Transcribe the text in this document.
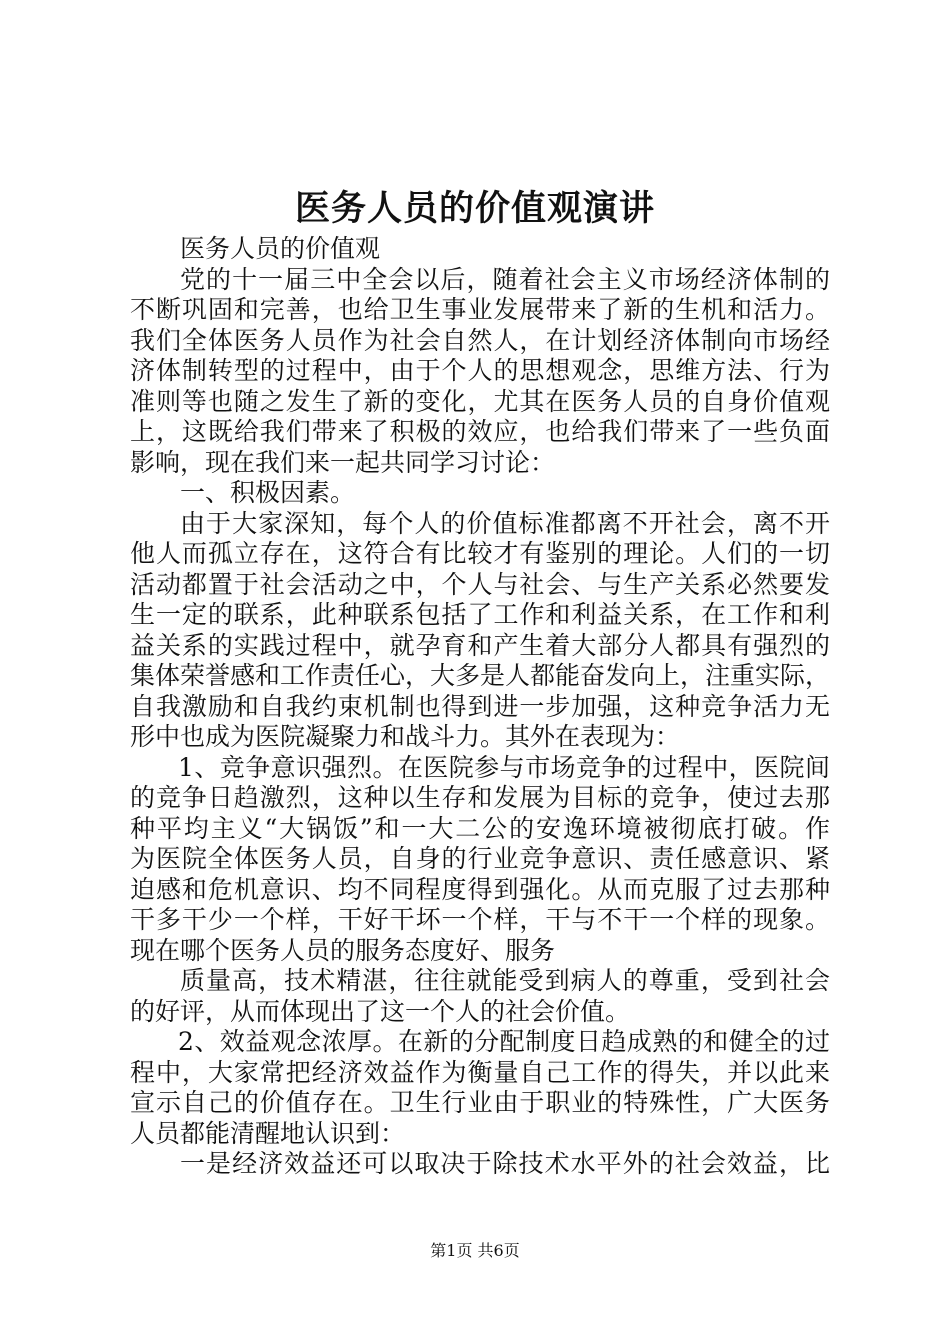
医务人员的价值观演讲
医务人员的价值观
党的十一届三中全会以后，随着社会主义市场经济体制的
不断巩固和完善，也给卫生事业发展带来了新的生机和活力。
我们全体医务人员作为社会自然人，在计划经济体制向市场经
济体制转型的过程中，由于个人的思想观念，思维方法、行为
准则等也随之发生了新的变化，尤其在医务人员的自身价值观
上，这既给我们带来了积极的效应，也给我们带来了一些负面
影响，现在我们来一起共同学习讨论：
一、积极因素。
由于大家深知，每个人的价值标准都离不开社会，离不开
他人而孤立存在，这符合有比较才有鉴别的理论。人们的一切
活动都置于社会活动之中，个人与社会、与生产关系必然要发
生一定的联系，此种联系包括了工作和利益关系，在工作和利
益关系的实践过程中，就孕育和产生着大部分人都具有强烈的
集体荣誉感和工作责任心，大多是人都能奋发向上，注重实际，
自我激励和自我约束机制也得到进一步加强，这种竞争活力无
形中也成为医院凝聚力和战斗力。其外在表现为：
1、竞争意识强烈。在医院参与市场竞争的过程中，医院间
的竞争日趋激烈，这种以生存和发展为目标的竞争，使过去那
种平均主义“大锅饭”和一大二公的安逸环境被彻底打破。作
为医院全体医务人员，自身的行业竞争意识、责任感意识、紧
迫感和危机意识、均不同程度得到强化。从而克服了过去那种
干多干少一个样，干好干坏一个样，干与不干一个样的现象。
现在哪个医务人员的服务态度好、服务
质量高，技术精湛，往往就能受到病人的尊重，受到社会
的好评，从而体现出了这一个人的社会价值。
2、效益观念浓厚。在新的分配制度日趋成熟的和健全的过
程中，大家常把经济效益作为衡量自己工作的得失，并以此来
宣示自己的价值存在。卫生行业由于职业的特殊性，广大医务
人员都能清醒地认识到：
一是经济效益还可以取决于除技术水平外的社会效益，比
第1页 共6页
